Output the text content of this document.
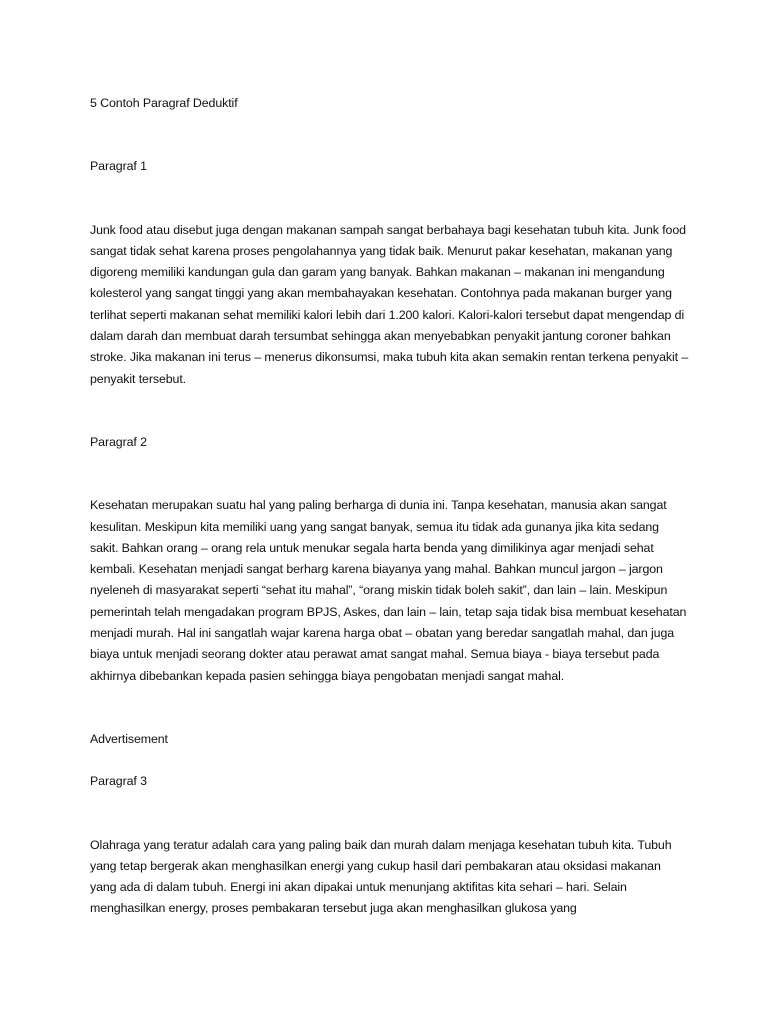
5 Contoh Paragraf Deduktif

Paragraf 1

Junk food atau disebut juga dengan makanan sampah sangat berbahaya bagi kesehatan tubuh kita. Junk food sangat tidak sehat karena proses pengolahannya yang tidak baik. Menurut pakar kesehatan, makanan yang digoreng memiliki kandungan gula dan garam yang banyak. Bahkan makanan – makanan ini mengandung kolesterol yang sangat tinggi yang akan membahayakan kesehatan. Contohnya pada makanan burger yang terlihat seperti makanan sehat memiliki kalori lebih dari 1.200 kalori. Kalori-kalori tersebut dapat mengendap di dalam darah dan membuat darah tersumbat sehingga akan menyebabkan penyakit jantung coroner bahkan stroke. Jika makanan ini terus – menerus dikonsumsi, maka tubuh kita akan semakin rentan terkena penyakit – penyakit tersebut.

Paragraf 2

Kesehatan merupakan suatu hal yang paling berharga di dunia ini. Tanpa kesehatan, manusia akan sangat kesulitan. Meskipun kita memiliki uang yang sangat banyak, semua itu tidak ada gunanya jika kita sedang sakit. Bahkan orang – orang rela untuk menukar segala harta benda yang dimilikinya agar menjadi sehat kembali. Kesehatan menjadi sangat berharg karena biayanya yang mahal. Bahkan muncul jargon – jargon nyeleneh di masyarakat seperti “sehat itu mahal”, “orang miskin tidak boleh sakit”, dan lain – lain. Meskipun pemerintah telah mengadakan program BPJS, Askes, dan lain – lain, tetap saja tidak bisa membuat kesehatan menjadi murah. Hal ini sangatlah wajar karena harga obat – obatan yang beredar sangatlah mahal, dan juga biaya untuk menjadi seorang dokter atau perawat amat sangat mahal. Semua biaya - biaya tersebut pada akhirnya dibebankan kepada pasien sehingga biaya pengobatan menjadi sangat mahal.

Advertisement

Paragraf 3

Olahraga yang teratur adalah cara yang paling baik dan murah dalam menjaga kesehatan tubuh kita. Tubuh yang tetap bergerak akan menghasilkan energi yang cukup hasil dari pembakaran atau oksidasi makanan yang ada di dalam tubuh. Energi ini akan dipakai untuk menunjang aktifitas kita sehari – hari. Selain menghasilkan energy, proses pembakaran tersebut juga akan menghasilkan glukosa yang
